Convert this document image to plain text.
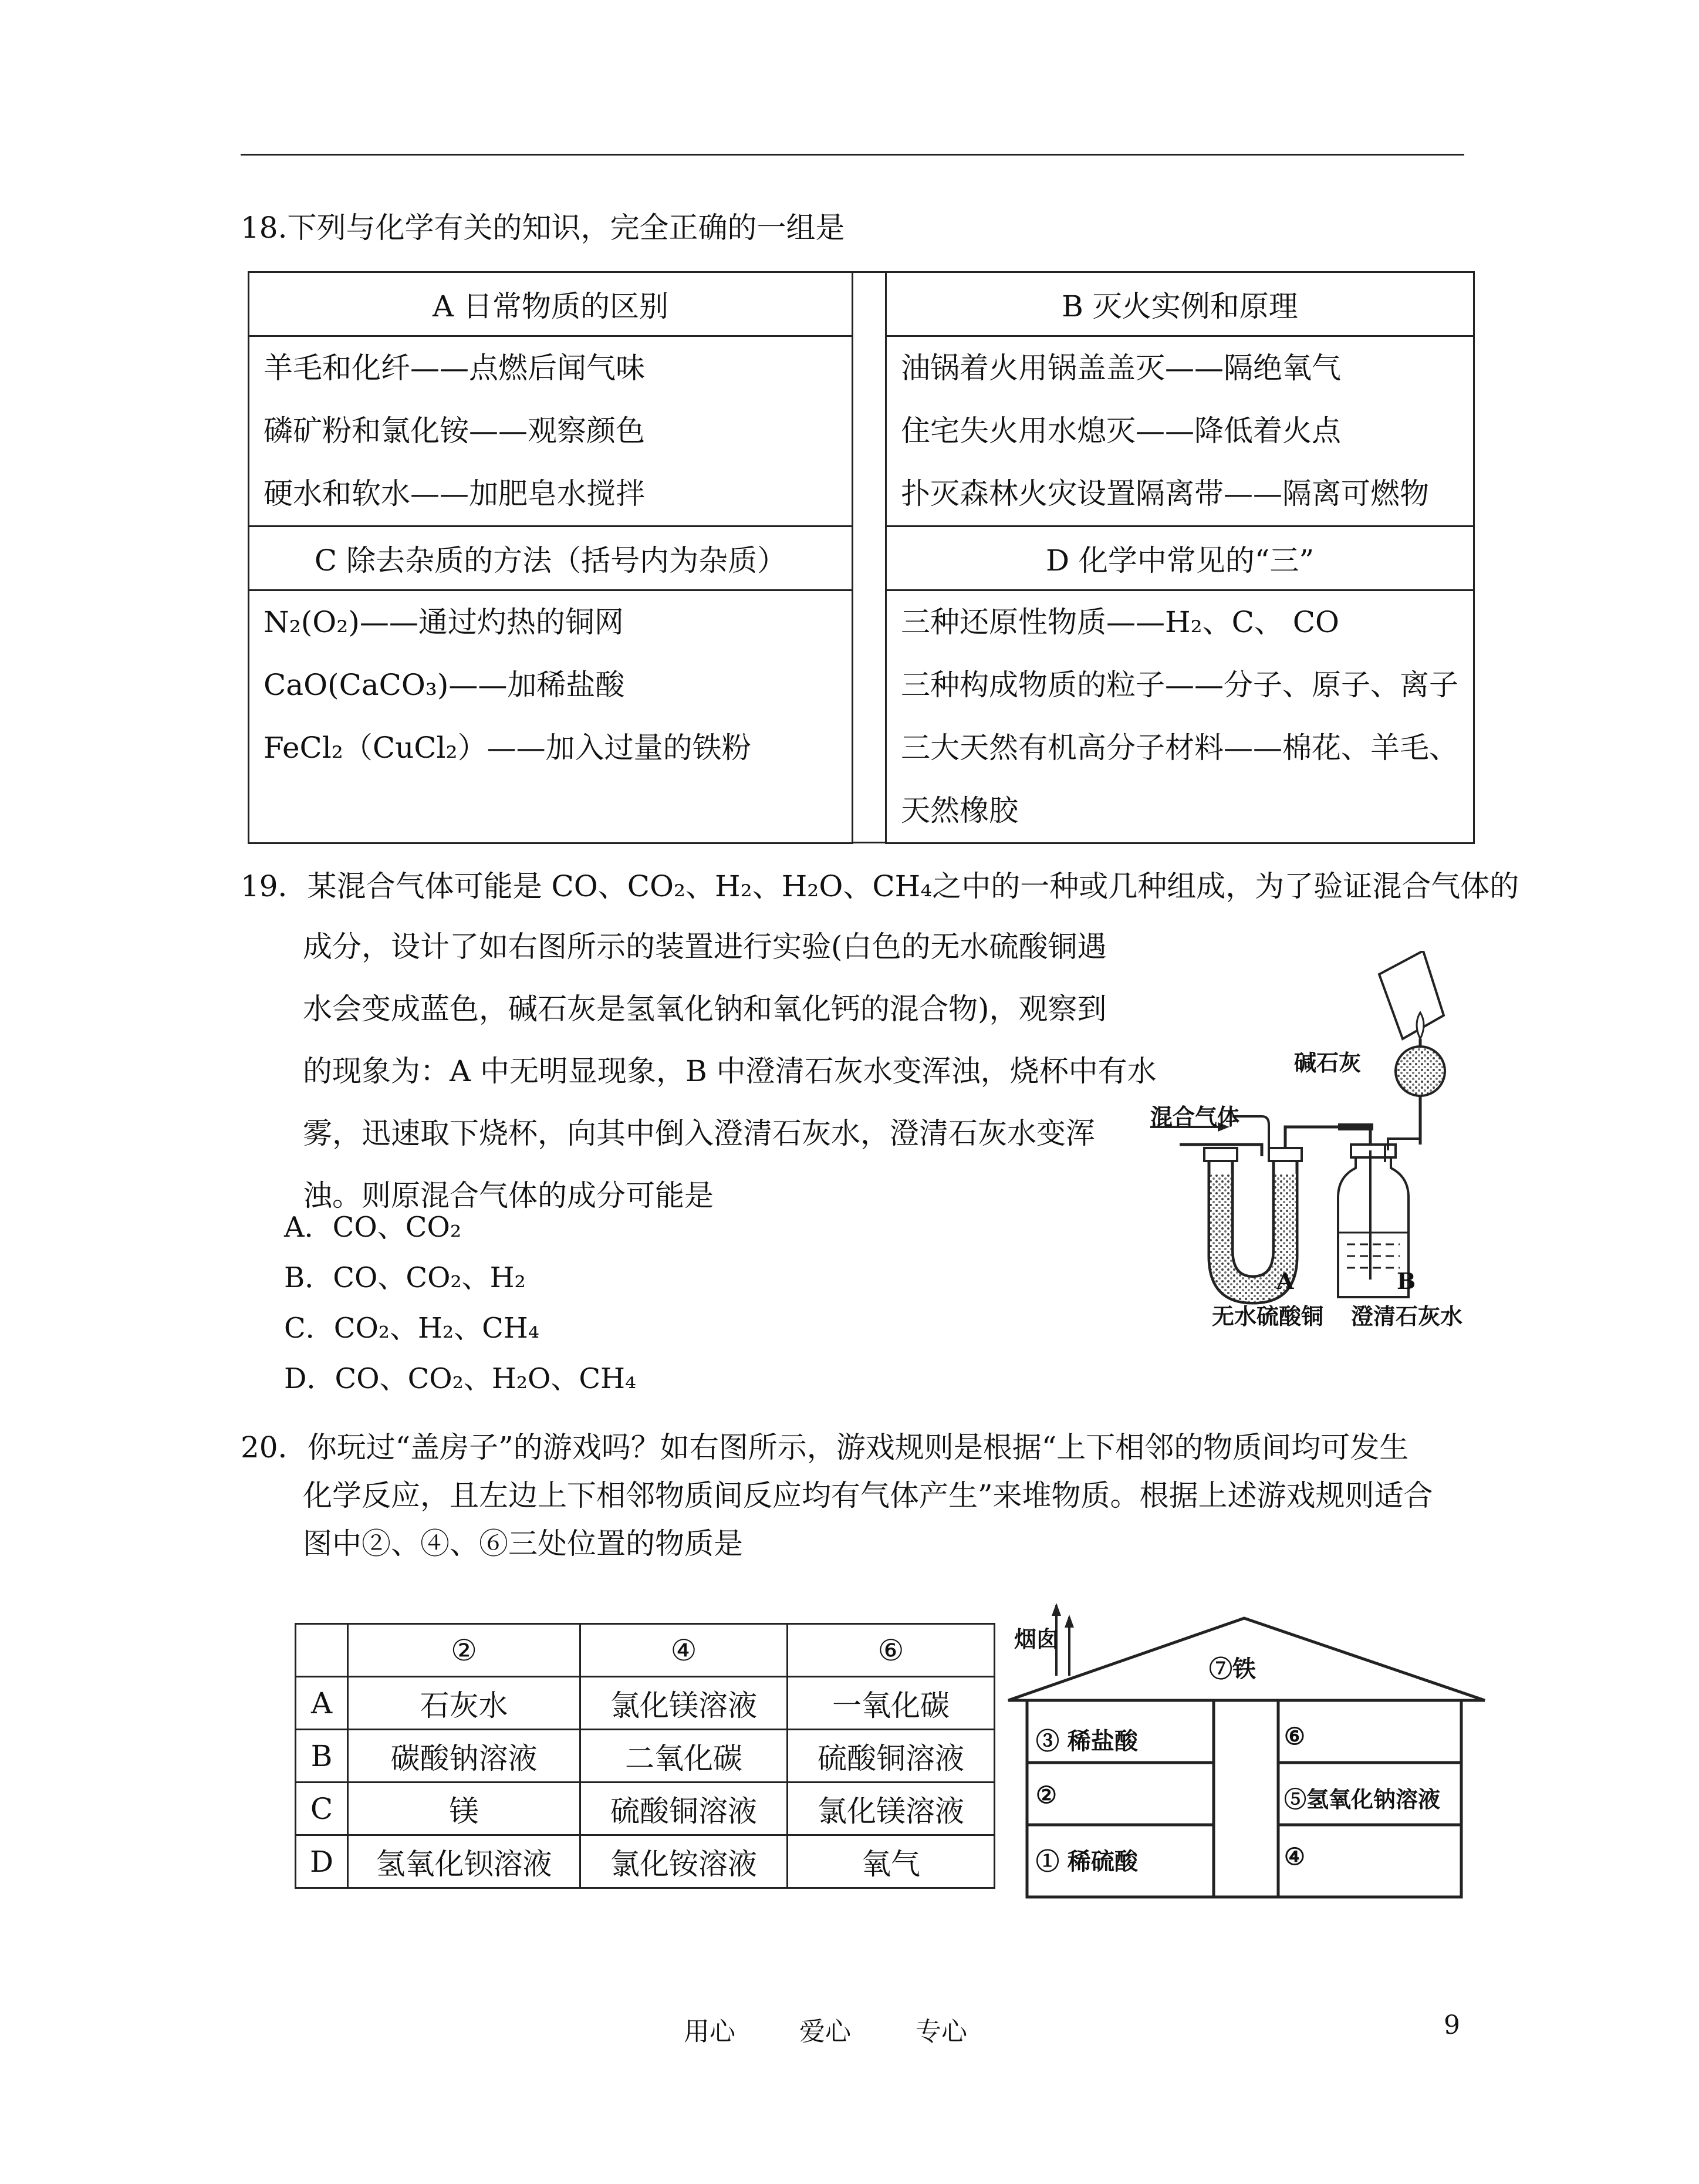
18.下列与化学有关的知识，完全正确的一组是
A 日常物质的区别

羊毛和化纤——点燃后闻气味
磷矿粉和氯化铵——观察颜色
硬水和软水——加肥皂水搅拌

C 除去杂质的方法（括号内为杂质）

N₂(O₂)——通过灼热的铜网
CaO(CaCO₃)——加稀盐酸
FeCl₂（CuCl₂）——加入过量的铁粉
B 灭火实例和原理

油锅着火用锅盖盖灭——隔绝氧气
住宅失火用水熄灭——降低着火点
扑灭森林火灾设置隔离带——隔离可燃物

D 化学中常见的“三”

三种还原性物质——H₂、C、 CO
三种构成物质的粒子——分子、原子、离子
三大天然有机高分子材料——棉花、羊毛、
天然橡胶
19．某混合气体可能是 CO、CO₂、H₂、H₂O、CH₄之中的一种或几种组成，为了验证混合气体的
成分，设计了如右图所示的装置进行实验(白色的无水硫酸铜遇
水会变成蓝色，碱石灰是氢氧化钠和氧化钙的混合物)，观察到
的现象为：A 中无明显现象，B 中澄清石灰水变浑浊，烧杯中有水
雾，迅速取下烧杯，向其中倒入澄清石灰水，澄清石灰水变浑
浊。则原混合气体的成分可能是
A．CO、CO₂
B．CO、CO₂、H₂
C．CO₂、H₂、CH₄
D．CO、CO₂、H₂O、CH₄
碱石灰
混合气体
A	B
无水硫酸铜 澄清石灰水
20．你玩过“盖房子”的游戏吗？如右图所示，游戏规则是根据“上下相邻的物质间均可发生
化学反应，且左边上下相邻物质间反应均有气体产生”来堆物质。根据上述游戏规则适合
图中②、④、⑥三处位置的物质是
	②	④	⑥
A	石灰水	氯化镁溶液	一氧化碳
B	碳酸钠溶液	二氧化碳	硫酸铜溶液
C	镁	硫酸铜溶液	氯化镁溶液
D	氢氧化钡溶液	氯化铵溶液	氧气
烟囱
⑦铁
③ 稀盐酸
②
① 稀硫酸
⑥
⑤氢氧化钠溶液
④
用心 爱心	专心	9
